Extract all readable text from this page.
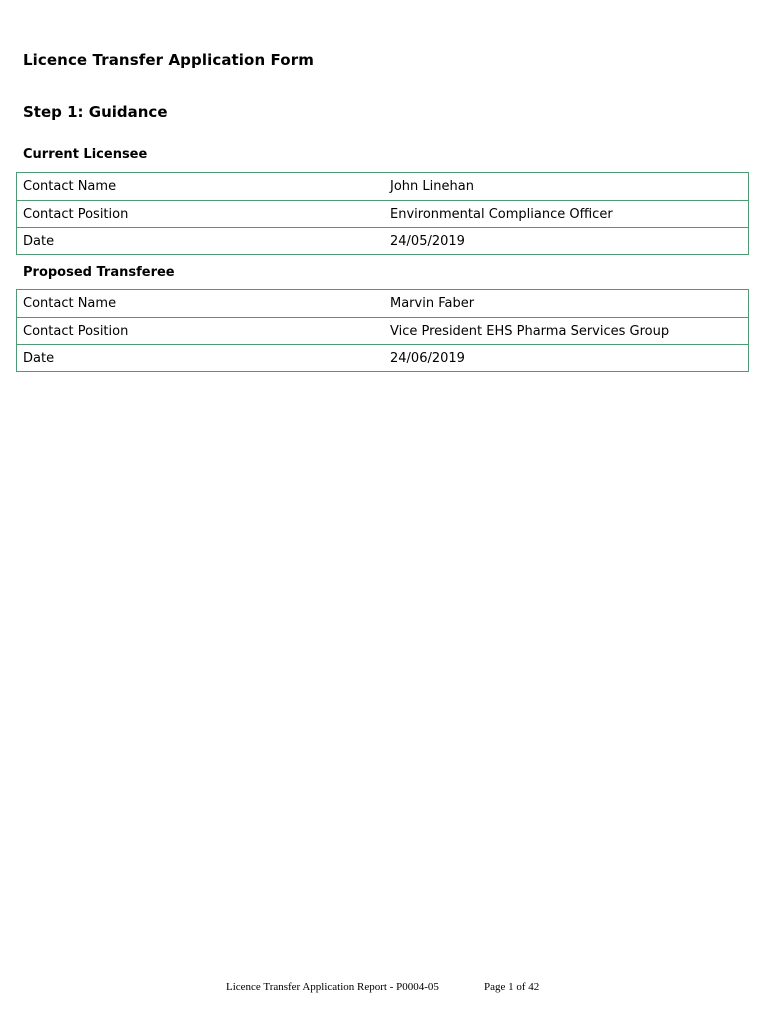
Licence Transfer Application Form
Step 1: Guidance
Current Licensee
Contact Name	John Linehan
Contact Position	Environmental Compliance Officer
Date	24/05/2019
Proposed Transferee
Contact Name	Marvin Faber
Contact Position	Vice President EHS Pharma Services Group
Date	24/06/2019
Licence Transfer Application Report - P0004-05	Page 1 of 42
